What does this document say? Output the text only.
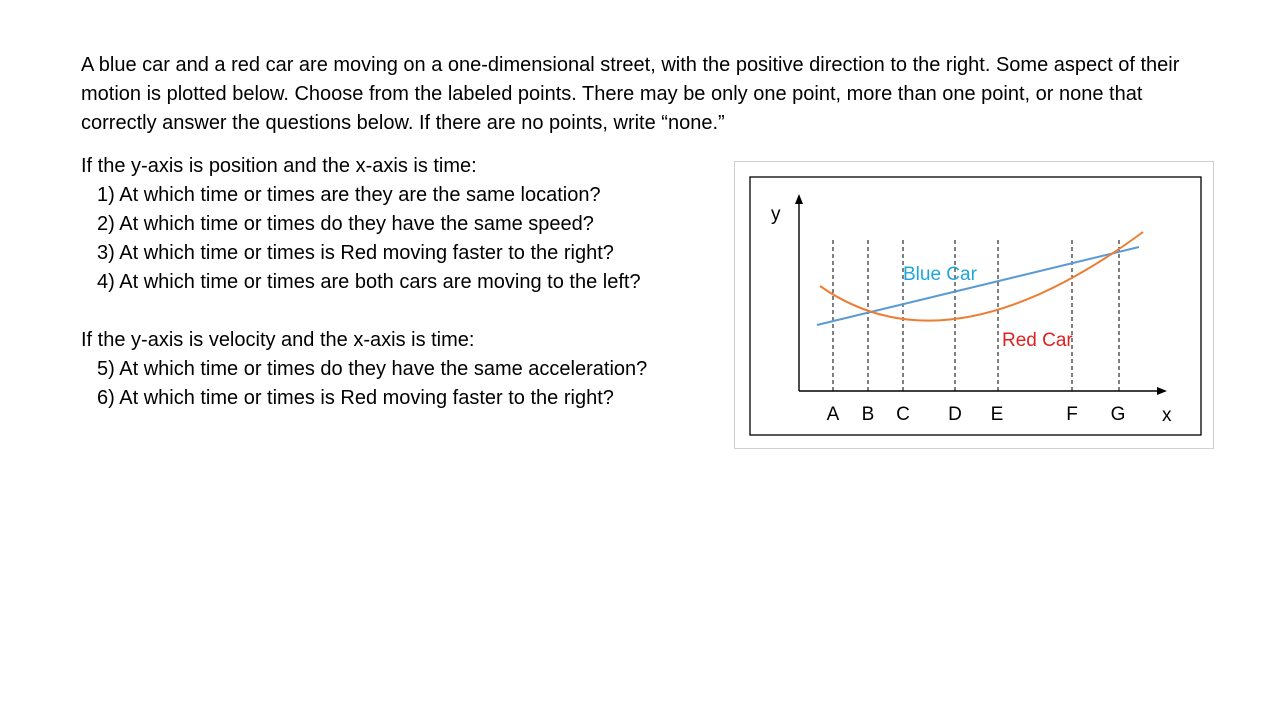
A blue car and a red car are moving on a one-dimensional street, with the positive direction to the right. Some aspect of their motion is plotted below. Choose from the labeled points. There may be only one point, more than one point, or none that correctly answer the questions below. If there are no points, write “none.”

If the y-axis is position and the x-axis is time:

1) At which time or times are they are the same location?

2) At which time or times do they have the same speed?

3) At which time or times is Red moving faster to the right?

4) At which time or times are both cars are moving to the left?

If the y-axis is velocity and the x-axis is time:

5) At which time or times do they have the same acceleration?

6) At which time or times is Red moving faster to the right?

Blue Car
Red Car
y
x
A B C D E	F G
